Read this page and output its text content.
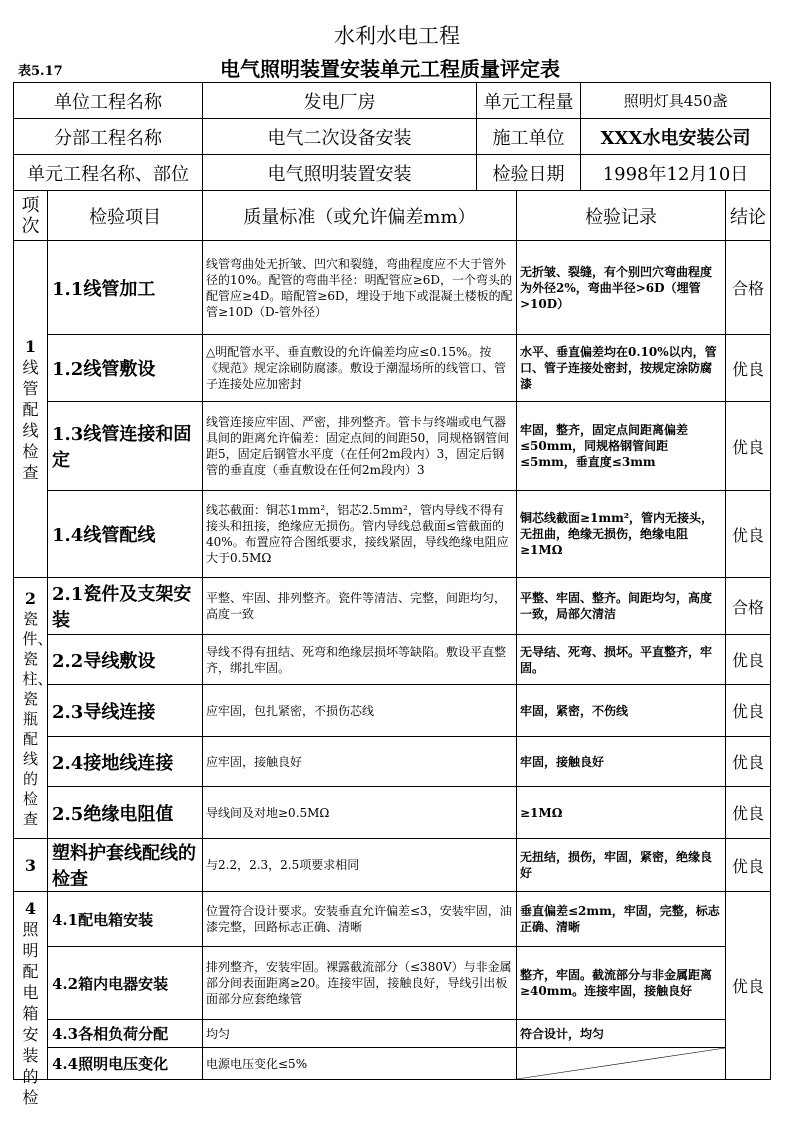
水利水电工程
表5.17	电气照明装置安装单元工程质量评定表
单位工程名称		发电厂房	单元工程量		照明灯具450盏	
分部工程名称		电气二次设备安装	施工单位		XXX水电安装公司	
单元工程名称、部位		电气照明装置安装	检验日期		1998年12月10日	
项次	检验项目	质量标准（或允许偏差mm）		检验记录		结论

1
线管配线检查	1.1线管加工	线管弯曲处无折皱、凹穴和裂缝，弯曲程度应不大于管外径的10%。配管的弯曲半径：明配管应≥6D，一个弯头的配管应≥4D。暗配管≥6D，埋设于地下或混凝土楼板的配管≥10D（D-管外径）		无折皱、裂缝，有个别凹穴弯曲程度为外径2%，弯曲半径>6D（埋管>10D）		合格
	1.2线管敷设	△明配管水平、垂直敷设的允许偏差均应≤0.15%。按《规范》规定涂刷防腐漆。敷设于潮湿场所的线管口、管子连接处应加密封		水平、垂直偏差均在0.10%以内，管口、管子连接处密封，按规定涂防腐漆		优良
	1.3线管连接和固定	线管连接应牢固、严密，排列整齐。管卡与终端或电气器具间的距离允许偏差：固定点间的间距50，同规格钢管间距5，固定后钢管水平度（在任何2m段内）3，固定后钢管的垂直度（垂直敷设在任何2m段内）3		牢固，整齐，固定点间距离偏差≤50mm，同规格钢管间距≤5mm，垂直度≤3mm		优良
	1.4线管配线	线芯截面：铜芯1mm²，铝芯2.5mm²，管内导线不得有接头和扭接，绝缘应无损伤。管内导线总截面≤管截面的40%。布置应符合图纸要求，接线紧固，导线绝缘电阻应大于0.5MΩ		铜芯线截面≥1mm²，管内无接头，无扭曲，绝缘无损伤，绝缘电阻≥1MΩ		优良

2
瓷件、瓷柱、瓷瓶配线的检查	2.1瓷件及支架安装	平整、牢固、排列整齐。瓷件等清洁、完整，间距均匀，高度一致		平整、牢固、整齐。间距均匀，高度一致，局部欠清洁		合格
	2.2导线敷设	导线不得有扭结、死弯和绝缘层损坏等缺陷。敷设平直整齐，绑扎牢固。		无导结、死弯、损坏。平直整齐，牢固。		优良
	2.3导线连接	应牢固，包扎紧密，不损伤芯线		牢固，紧密，不伤线		优良
	2.4接地线连接	应牢固，接触良好		牢固，接触良好		优良
	2.5绝缘电阻值	导线间及对地≥0.5MΩ		≥1MΩ		优良
3	塑料护套线配线的检查	与2.2，2.3，2.5项要求相同		无扭结，损伤，牢固，紧密，绝缘良好		优良

4
照明配电箱安装的检	4.1配电箱安装	位置符合设计要求。安装垂直允许偏差≤3，安装牢固，油漆完整，回路标志正确、清晰		垂直偏差≤2mm，牢固，完整，标志正确、清晰		优良
	4.2箱内电器安装	排列整齐，安装牢固。裸露截流部分（≤380V）与非金属部分间表面距离≥20。连接牢固，接触良好，导线引出板面部分应套绝缘管		整齐，牢固。截流部分与非金属距离≥40mm。连接牢固，接触良好		
	4.3各相负荷分配	均匀		符合设计，均匀		
	4.4照明电压变化	电源电压变化≤5%	
